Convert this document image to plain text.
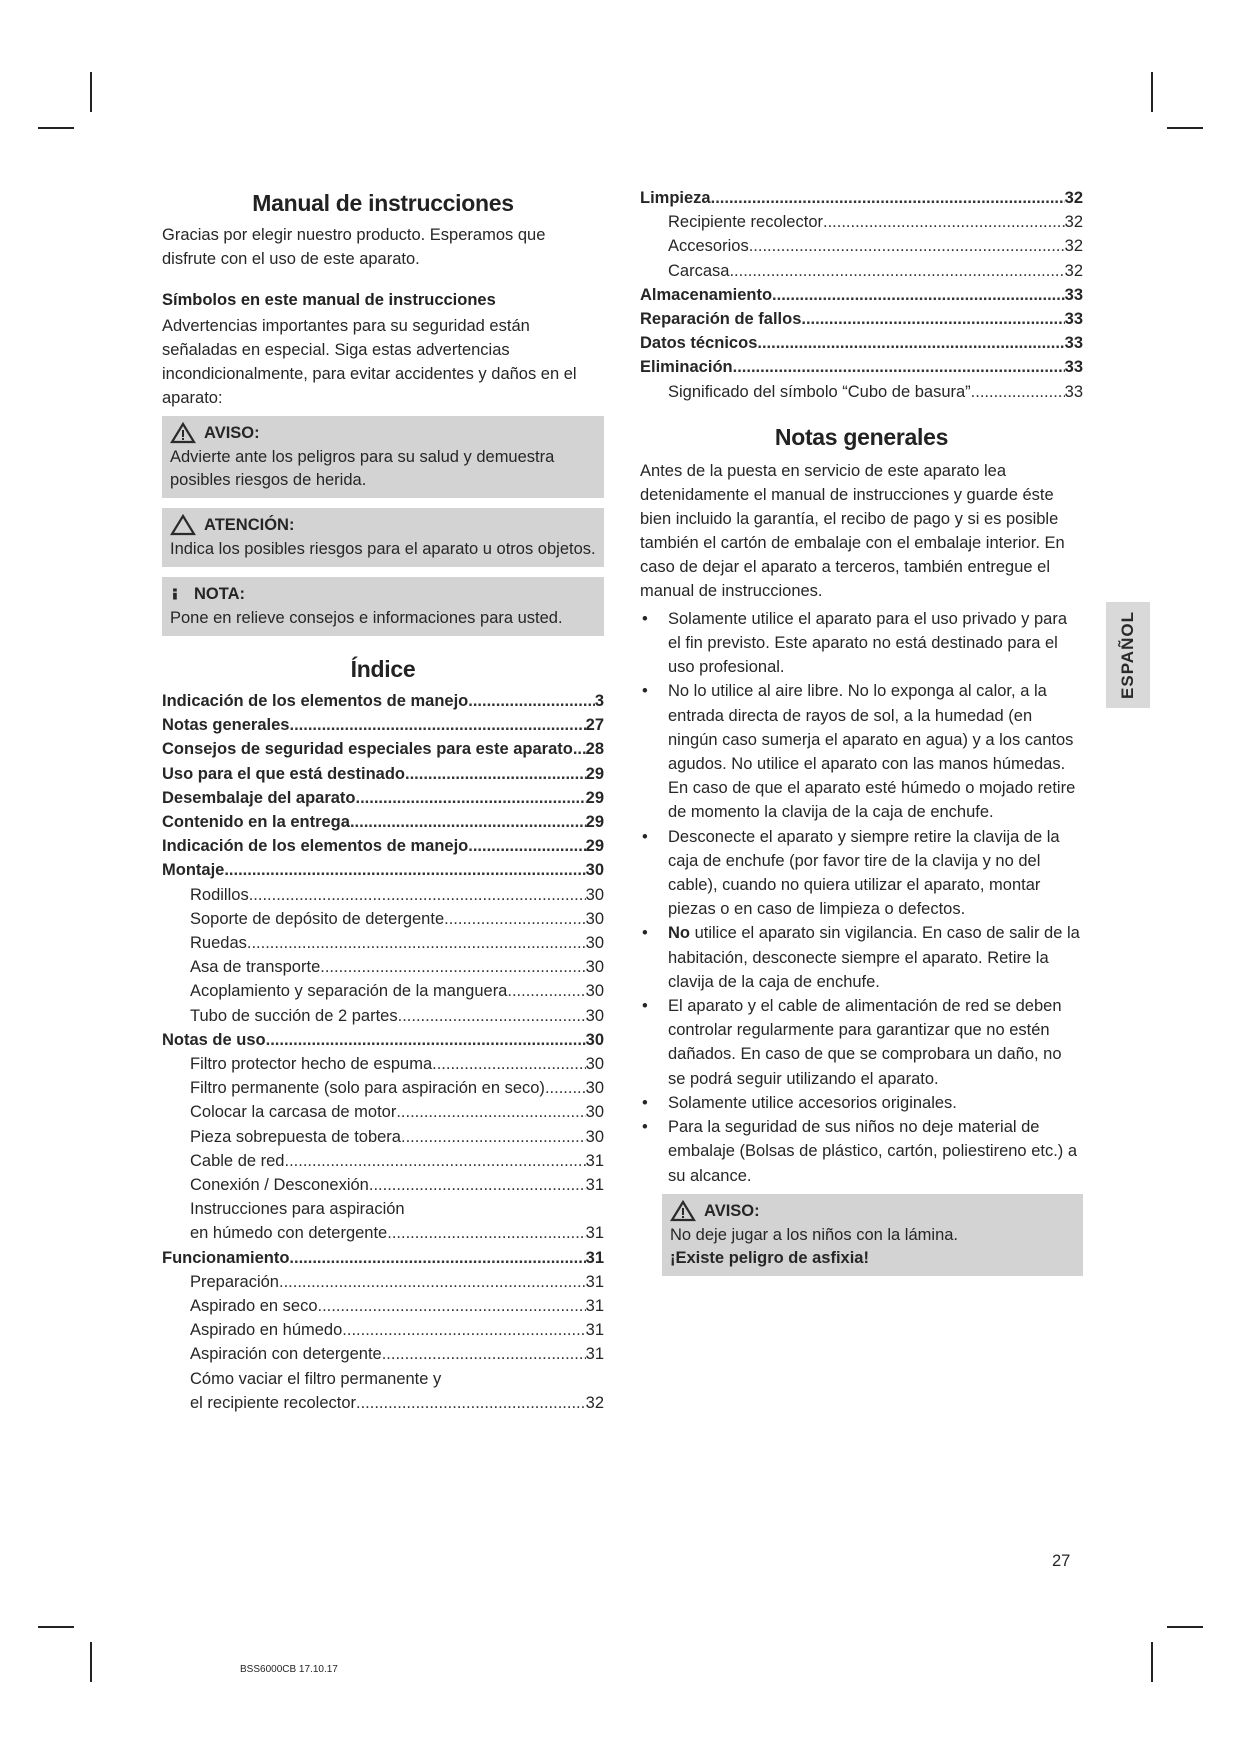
Manual de instrucciones

Gracias por elegir nuestro producto. Esperamos que disfrute con el uso de este aparato.

Símbolos en este manual de instrucciones

Advertencias importantes para su seguridad están señaladas en especial. Siga estas advertencias incondicionalmente, para evitar accidentes y daños en el aparato:

AVISO:
Advierte ante los peligros para su salud y demuestra posibles riesgos de herida.
ATENCIÓN:
Indica los posibles riesgos para el aparato u otros objetos.
NOTA:
Pone en relieve consejos e informaciones para usted.
Índice
Indicación de los elementos de manejo .....	3
Notas generales .....	27
Consejos de seguridad especiales para este aparato ..... 28
Uso para el que está destinado .....	29
Desembalaje del aparato .....	29
Contenido en la entrega .....	29
Indicación de los elementos de manejo .....	29
Montaje .....	30
Rodillos .....	30
Soporte de depósito de detergente .....	30
Ruedas .....	30
Asa de transporte .....	30
Acoplamiento y separación de la manguera .....	30
Tubo de succión de 2 partes .....	30
Notas de uso .....	30
Filtro protector hecho de espuma .....	30
Filtro permanente (solo para aspiración en seco) ..... 30
Colocar la carcasa de motor .....	30
Pieza sobrepuesta de tobera .....	30
Cable de red .....	31
Conexión / Desconexión .....	31
Instrucciones para aspiración
en húmedo con detergente .....	31
Funcionamiento .....	31
Preparación .....	31
Aspirado en seco .....	31
Aspirado en húmedo .....	31
Aspiración con detergente .....	31
Cómo vaciar el filtro permanente y
el recipiente recolector .....	32
Limpieza .....	32
Recipiente recolector .....	32
Accesorios .....	32
Carcasa .....	32
Almacenamiento .....	33
Reparación de fallos .....	33
Datos técnicos .....	33
Eliminación .....	33
Significado del símbolo “Cubo de basura” .....	33
Notas generales

Antes de la puesta en servicio de este aparato lea detenidamente el manual de instrucciones y guarde éste bien incluido la garantía, el recibo de pago y si es posible también el cartón de embalaje con el embalaje interior. En caso de dejar el aparato a terceros, también entregue el manual de instrucciones.

• Solamente utilice el aparato para el uso privado y para el fin previsto. Este aparato no está destinado para el uso profesional.
• No lo utilice al aire libre. No lo exponga al calor, a la entrada directa de rayos de sol, a la humedad (en ningún caso sumerja el aparato en agua) y a los cantos agudos. No utilice el aparato con las manos húmedas. En caso de que el aparato esté húmedo o mojado retire de momento la clavija de la caja de enchufe.
• Desconecte el aparato y siempre retire la clavija de la caja de enchufe (por favor tire de la clavija y no del cable), cuando no quiera utilizar el aparato, montar piezas o en caso de limpieza o defectos.
• No utilice el aparato sin vigilancia. En caso de salir de la habitación, desconecte siempre el aparato. Retire la clavija de la caja de enchufe.
• El aparato y el cable de alimentación de red se deben controlar regularmente para garantizar que no estén dañados. En caso de que se comprobara un daño, no se podrá seguir utilizando el aparato.
• Solamente utilice accesorios originales.
• Para la seguridad de sus niños no deje material de embalaje (Bolsas de plástico, cartón, poliestireno etc.) a su alcance.
AVISO:
No deje jugar a los niños con la lámina.
¡Existe peligro de asfixia!
ESPAÑOL
27
BSS6000CB 17.10.17
